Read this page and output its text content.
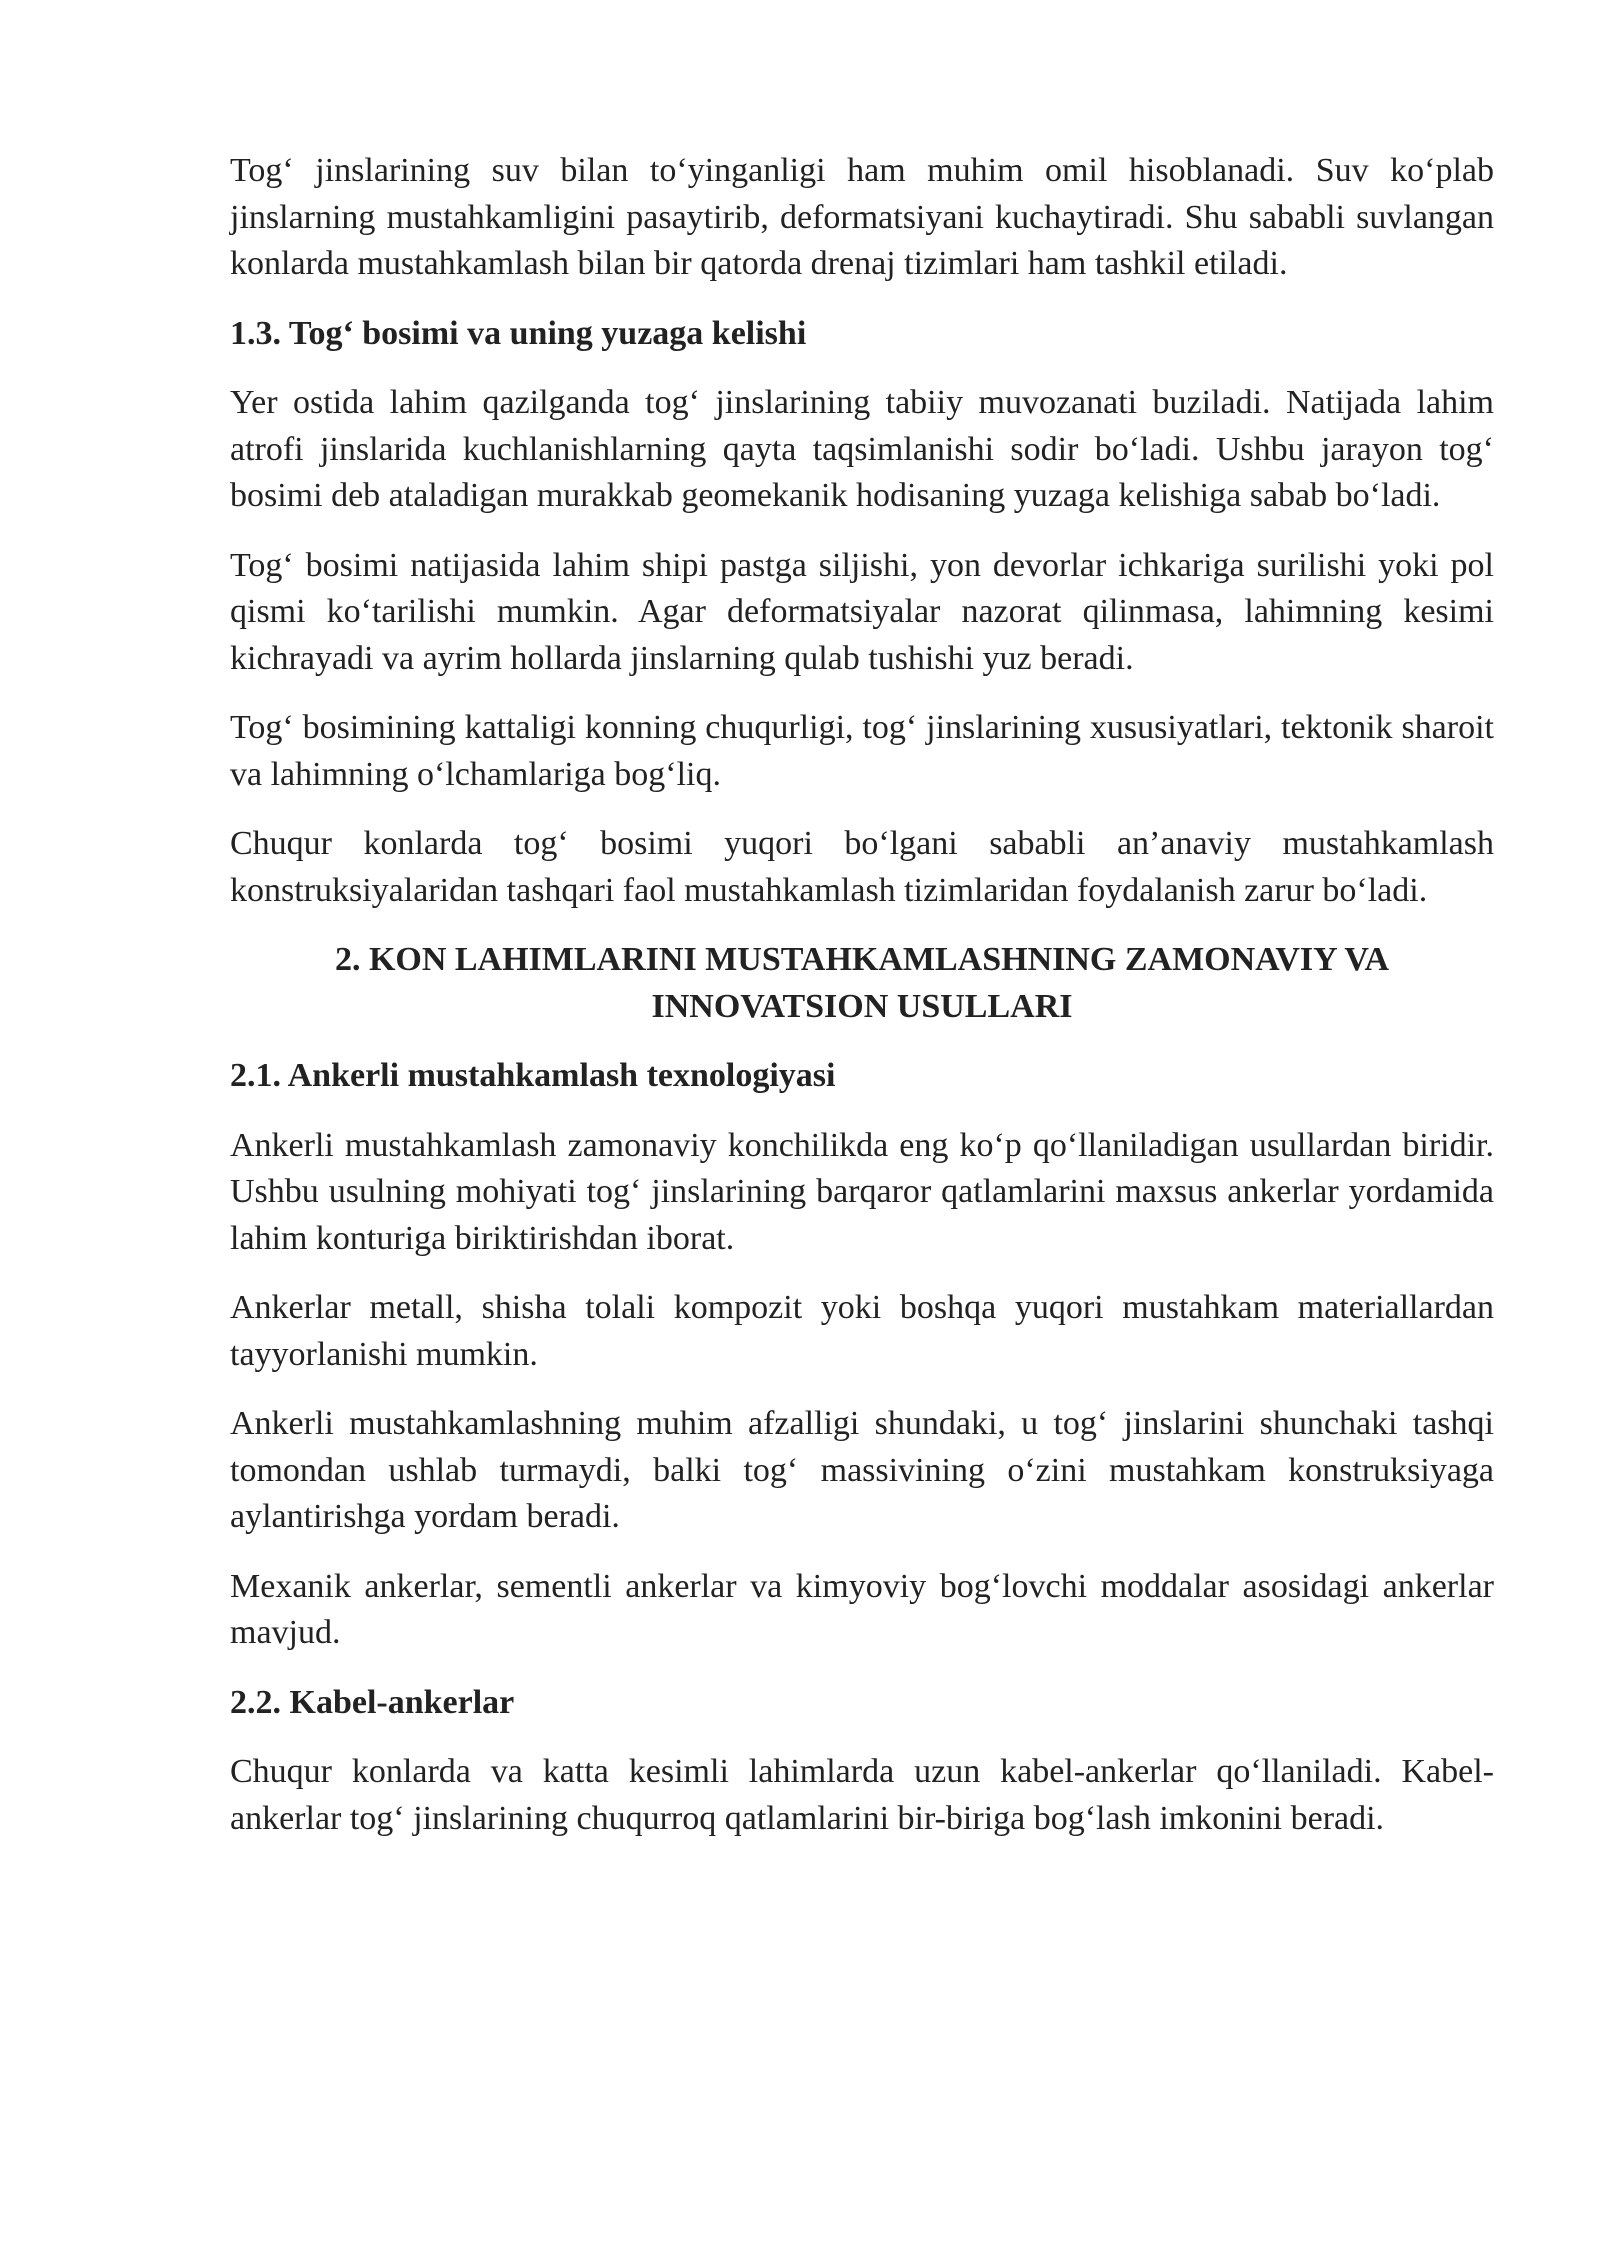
Tog‘ jinslarining suv bilan to‘yinganligi ham muhim omil hisoblanadi. Suv ko‘plab jinslarning mustahkamligini pasaytirib, deformatsiyani kuchaytiradi. Shu sababli suvlangan konlarda mustahkamlash bilan bir qatorda drenaj tizimlari ham tashkil etiladi.

1.3. Tog‘ bosimi va uning yuzaga kelishi

Yer ostida lahim qazilganda tog‘ jinslarining tabiiy muvozanati buziladi. Natijada lahim atrofi jinslarida kuchlanishlarning qayta taqsimlanishi sodir bo‘ladi. Ushbu jarayon tog‘ bosimi deb ataladigan murakkab geomekanik hodisaning yuzaga kelishiga sabab bo‘ladi.

Tog‘ bosimi natijasida lahim shipi pastga siljishi, yon devorlar ichkariga surilishi yoki pol qismi ko‘tarilishi mumkin. Agar deformatsiyalar nazorat qilinmasa, lahimning kesimi kichrayadi va ayrim hollarda jinslarning qulab tushishi yuz beradi.

Tog‘ bosimining kattaligi konning chuqurligi, tog‘ jinslarining xususiyatlari, tektonik sharoit va lahimning o‘lchamlariga bog‘liq.

Chuqur konlarda tog‘ bosimi yuqori bo‘lgani sababli an’anaviy mustahkamlash konstruksiyalaridan tashqari faol mustahkamlash tizimlaridan foydalanish zarur bo‘ladi.

2. KON LAHIMLARINI MUSTAHKAMLASHNING ZAMONAVIY VA INNOVATSION USULLARI

2.1. Ankerli mustahkamlash texnologiyasi

Ankerli mustahkamlash zamonaviy konchilikda eng ko‘p qo‘llaniladigan usullardan biridir. Ushbu usulning mohiyati tog‘ jinslarining barqaror qatlamlarini maxsus ankerlar yordamida lahim konturiga biriktirishdan iborat.

Ankerlar metall, shisha tolali kompozit yoki boshqa yuqori mustahkam materiallardan tayyorlanishi mumkin.

Ankerli mustahkamlashning muhim afzalligi shundaki, u tog‘ jinslarini shunchaki tashqi tomondan ushlab turmaydi, balki tog‘ massivining o‘zini mustahkam konstruksiyaga aylantirishga yordam beradi.

Mexanik ankerlar, sementli ankerlar va kimyoviy bog‘lovchi moddalar asosidagi ankerlar mavjud.

2.2. Kabel-ankerlar

Chuqur konlarda va katta kesimli lahimlarda uzun kabel-ankerlar qo‘llaniladi. Kabel-ankerlar tog‘ jinslarining chuqurroq qatlamlarini bir-biriga bog‘lash imkonini beradi.
